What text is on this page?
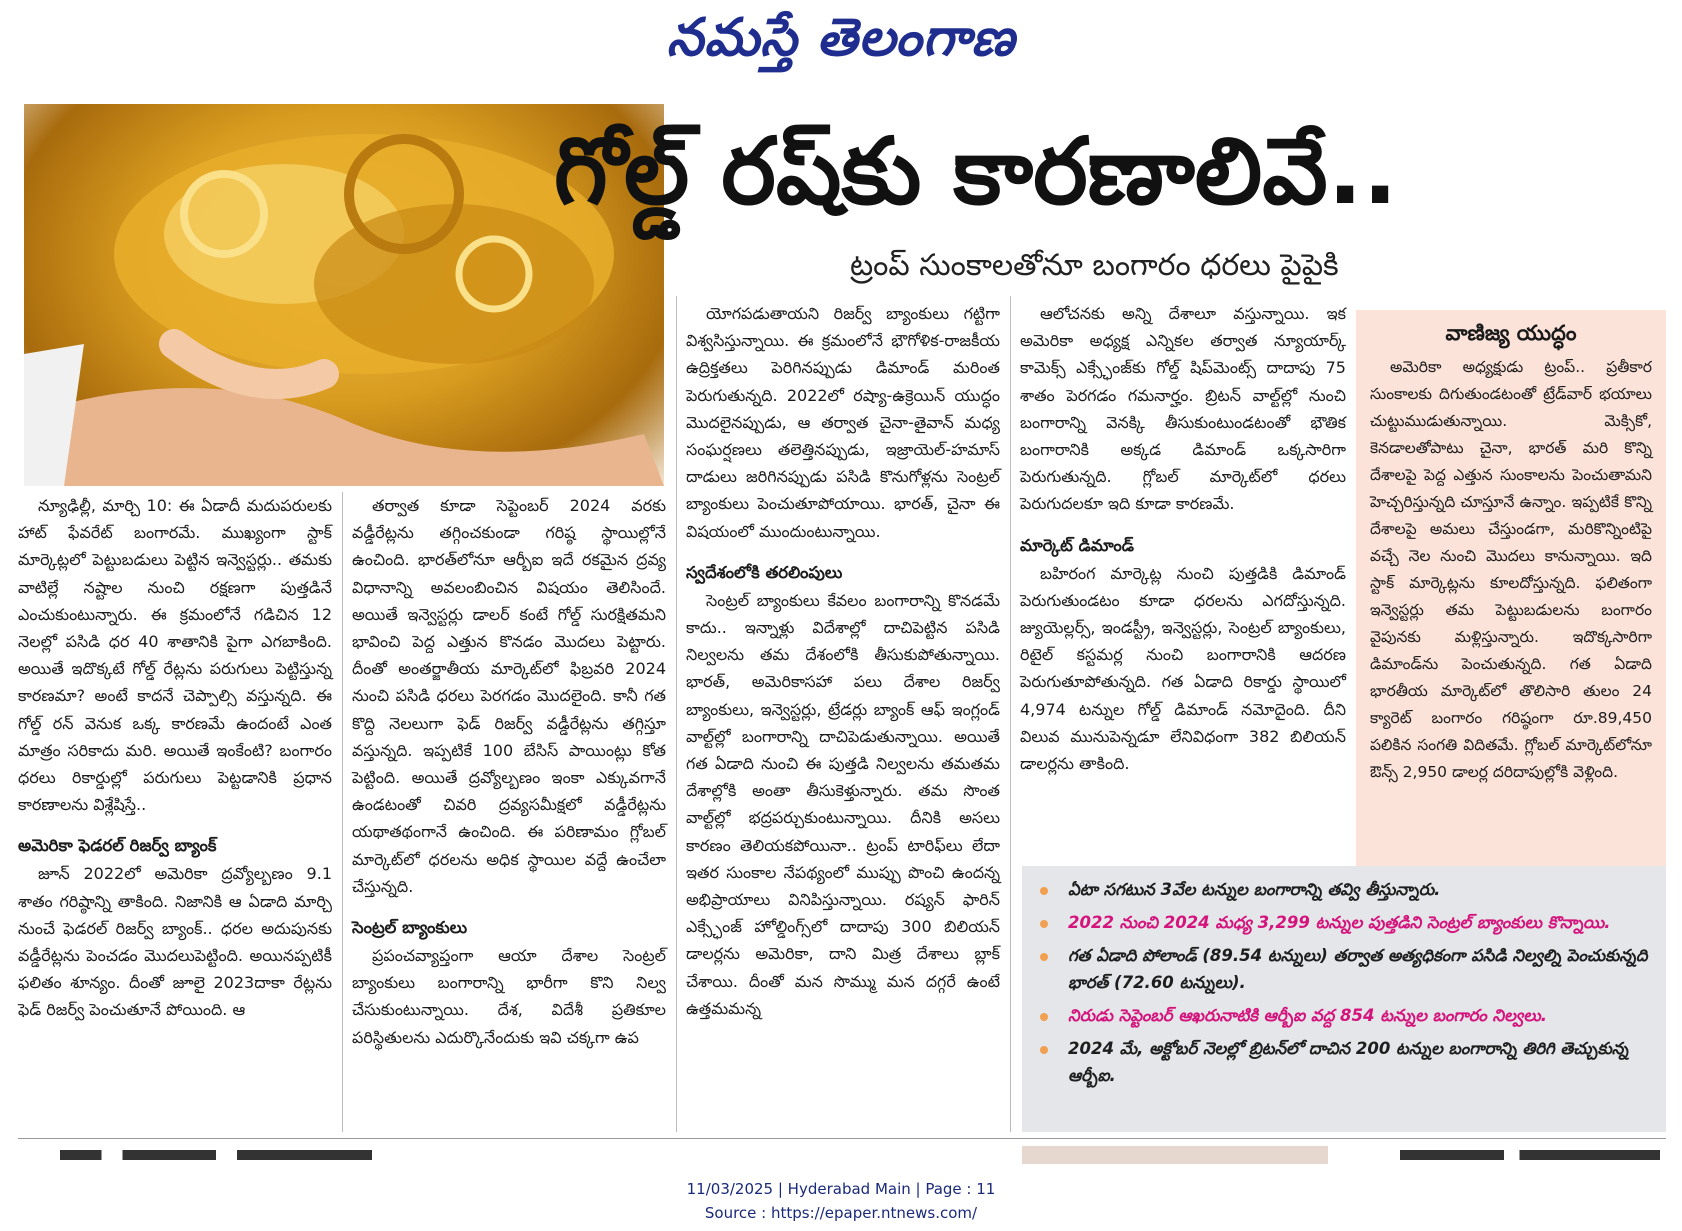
నమస్తే తెలంగాణ
గోల్డ్ రష్‌కు కారణాలివే..
ట్రంప్ సుంకాలతోనూ బంగారం ధరలు పైపైకి

న్యూఢిల్లీ, మార్చి 10: ఈ ఏడాదీ మదుపరులకు హాట్ ఫేవరేట్ బంగారమే. ముఖ్యంగా స్టాక్ మార్కెట్లలో పెట్టుబడులు పెట్టిన ఇన్వెస్టర్లు.. తమకు వాటిల్లే నష్టాల నుంచి రక్షణగా పుత్తడినే ఎంచుకుంటున్నారు. ఈ క్రమంలోనే గడిచిన 12 నెలల్లో పసిడి ధర 40 శాతానికి పైగా ఎగబాకింది. అయితే ఇదొక్కటే గోల్డ్ రేట్లను పరుగులు పెట్టిస్తున్న కారణమా? అంటే కాదనే చెప్పాల్సి వస్తున్నది. ఈ గోల్డ్ రన్ వెనుక ఒక్క కారణమే ఉందంటే ఎంత మాత్రం సరికాదు మరి. అయితే ఇంకేంటి? బంగారం ధరలు రికార్డుల్లో పరుగులు పెట్టడానికి ప్రధాన కారణాలను విశ్లేషిస్తే..

అమెరికా ఫెడరల్ రిజర్వ్ బ్యాంక్

జూన్ 2022లో అమెరికా ద్రవ్యోల్బణం 9.1 శాతం గరిష్ఠాన్ని తాకింది. నిజానికి ఆ ఏడాది మార్చి నుంచే ఫెడరల్ రిజర్వ్ బ్యాంక్.. ధరల అదుపునకు వడ్డీరేట్లను పెంచడం మొదలుపెట్టింది. అయినప్పటికీ ఫలితం శూన్యం. దీంతో జూలై 2023దాకా రేట్లను ఫెడ్ రిజర్వ్ పెంచుతూనే పోయింది. ఆ

తర్వాత కూడా సెప్టెంబర్ 2024 వరకు వడ్డీరేట్లను తగ్గించకుండా గరిష్ఠ స్థాయిల్లోనే ఉంచింది. భారత్‌లోనూ ఆర్బీఐ ఇదే రకమైన ద్రవ్య విధానాన్ని అవలంబించిన విషయం తెలిసిందే. అయితే ఇన్వెస్టర్లు డాలర్ కంటే గోల్డ్ సురక్షితమని భావించి పెద్ద ఎత్తున కొనడం మొదలు పెట్టారు. దీంతో అంతర్జాతీయ మార్కెట్‌లో ఫిబ్రవరి 2024 నుంచి పసిడి ధరలు పెరగడం మొదలైంది. కానీ గత కొద్ది నెలలుగా ఫెడ్ రిజర్వ్ వడ్డీరేట్లను తగ్గిస్తూ వస్తున్నది. ఇప్పటికే 100 బేసిస్ పాయింట్లు కోత పెట్టింది. అయితే ద్రవ్యోల్బణం ఇంకా ఎక్కువగానే ఉండటంతో చివరి ద్రవ్యసమీక్షలో వడ్డీరేట్లను యథాతథంగానే ఉంచింది. ఈ పరిణామం గ్లోబల్ మార్కెట్‌లో ధరలను అధిక స్థాయిల వద్దే ఉంచేలా చేస్తున్నది.

సెంట్రల్ బ్యాంకులు

ప్రపంచవ్యాప్తంగా ఆయా దేశాల సెంట్రల్ బ్యాంకులు బంగారాన్ని భారీగా కొని నిల్వ చేసుకుంటున్నాయి. దేశ, విదేశీ ప్రతికూల పరిస్థితులను ఎదుర్కొనేందుకు ఇవి చక్కగా ఉప

యోగపడుతాయని రిజర్వ్ బ్యాంకులు గట్టిగా విశ్వసిస్తున్నాయి. ఈ క్రమంలోనే భౌగోళిక-రాజకీయ ఉద్రిక్తతలు పెరిగినప్పుడు డిమాండ్ మరింత పెరుగుతున్నది. 2022లో రష్యా-ఉక్రెయిన్ యుద్ధం మొదలైనప్పుడు, ఆ తర్వాత చైనా-తైవాన్ మధ్య సంఘర్షణలు తలెత్తినప్పుడు, ఇజ్రాయెల్-హమాస్ దాడులు జరిగినప్పుడు పసిడి కొనుగోళ్లను సెంట్రల్ బ్యాంకులు పెంచుతూపోయాయి. భారత్, చైనా ఈ విషయంలో ముందుంటున్నాయి.

స్వదేశంలోకి తరలింపులు

సెంట్రల్ బ్యాంకులు కేవలం బంగారాన్ని కొనడమే కాదు.. ఇన్నాళ్లు విదేశాల్లో దాచిపెట్టిన పసిడి నిల్వలను తమ దేశంలోకి తీసుకుపోతున్నాయి. భారత్, అమెరికాసహా పలు దేశాల రిజర్వ్ బ్యాంకులు, ఇన్వెస్టర్లు, ట్రేడర్లు బ్యాంక్ ఆఫ్ ఇంగ్లండ్ వాల్ట్‌ల్లో బంగారాన్ని దాచిపెడుతున్నాయి. అయితే గత ఏడాది నుంచి ఈ పుత్తడి నిల్వలను తమతమ దేశాల్లోకి అంతా తీసుకెళ్తున్నారు. తమ సొంత వాల్ట్‌ల్లో భద్రపర్చుకుంటున్నాయి. దీనికి అసలు కారణం తెలియకపోయినా.. ట్రంప్ టారిఫ్‌లు లేదా ఇతర సుంకాల నేపథ్యంలో ముప్పు పొంచి ఉందన్న అభిప్రాయాలు వినిపిస్తున్నాయి. రష్యన్ ఫారిన్ ఎక్స్ఛేంజ్ హోల్డింగ్స్‌లో దాదాపు 300 బిలియన్ డాలర్లను అమెరికా, దాని మిత్ర దేశాలు బ్లాక్ చేశాయి. దీంతో మన సొమ్ము మన దగ్గరే ఉంటే ఉత్తమమన్న

ఆలోచనకు అన్ని దేశాలూ వస్తున్నాయి. ఇక అమెరికా అధ్యక్ష ఎన్నికల తర్వాత న్యూయార్క్ కామెక్స్ ఎక్స్ఛేంజ్‌కు గోల్డ్ షిప్‌మెంట్స్ దాదాపు 75 శాతం పెరగడం గమనార్హం. బ్రిటన్ వాల్ట్‌ల్లో నుంచి బంగారాన్ని వెనక్కి తీసుకుంటుండటంతో భౌతిక బంగారానికి అక్కడ డిమాండ్ ఒక్కసారిగా పెరుగుతున్నది. గ్లోబల్ మార్కెట్‌లో ధరలు పెరుగుదలకూ ఇది కూడా కారణమే.

మార్కెట్ డిమాండ్

బహిరంగ మార్కెట్ల నుంచి పుత్తడికి డిమాండ్ పెరుగుతుండటం కూడా ధరలను ఎగదోస్తున్నది. జ్యుయెల్లర్స్, ఇండస్ట్రీ, ఇన్వెస్టర్లు, సెంట్రల్ బ్యాంకులు, రిటైల్ కస్టమర్ల నుంచి బంగారానికి ఆదరణ పెరుగుతూపోతున్నది. గత ఏడాది రికార్డు స్థాయిలో 4,974 టన్నుల గోల్డ్ డిమాండ్ నమోదైంది. దీని విలువ మునుపెన్నడూ లేనివిధంగా 382 బిలియన్ డాలర్లను తాకింది.

వాణిజ్య యుద్ధం

అమెరికా అధ్యక్షుడు ట్రంప్.. ప్రతీకార సుంకాలకు దిగుతుండటంతో ట్రేడ్‌వార్ భయాలు చుట్టుముడుతున్నాయి. మెక్సికో, కెనడాలతోపాటు చైనా, భారత్ మరి కొన్ని దేశాలపై పెద్ద ఎత్తున సుంకాలను పెంచుతామని హెచ్చరిస్తున్నది చూస్తూనే ఉన్నాం. ఇప్పటికే కొన్ని దేశాలపై అమలు చేస్తుండగా, మరికొన్నింటిపై వచ్చే నెల నుంచి మొదలు కానున్నాయి. ఇది స్టాక్ మార్కెట్లను కూలదోస్తున్నది. ఫలితంగా ఇన్వెస్టర్లు తమ పెట్టుబడులను బంగారం వైపునకు మళ్లిస్తున్నారు. ఇదొక్కసారిగా డిమాండ్‌ను పెంచుతున్నది. గత ఏడాది భారతీయ మార్కెట్‌లో తొలిసారి తులం 24 క్యారెట్ బంగారం గరిష్ఠంగా రూ.89,450 పలికిన సంగతి విదితమే. గ్లోబల్ మార్కెట్‌లోనూ ఔన్స్ 2,950 డాలర్ల దరిదాపుల్లోకి వెళ్లింది.

ఏటా సగటున 3వేల టన్నుల బంగారాన్ని తవ్వి తీస్తున్నారు.
2022 నుంచి 2024 మధ్య 3,299 టన్నుల పుత్తడిని సెంట్రల్ బ్యాంకులు కొన్నాయి.
గత ఏడాది పోలాండ్ (89.54 టన్నులు) తర్వాత అత్యధికంగా పసిడి నిల్వల్ని పెంచుకున్నది భారత్ (72.60 టన్నులు).
నిరుడు సెప్టెంబర్ ఆఖరునాటికి ఆర్బీఐ వద్ద 854 టన్నుల బంగారం నిల్వలు.
2024 మే, అక్టోబర్ నెలల్లో బ్రిటన్‌లో దాచిన 200 టన్నుల బంగారాన్ని తిరిగి తెచ్చుకున్న ఆర్బీఐ.
11/03/2025 | Hyderabad Main | Page : 11
Source : https://epaper.ntnews.com/
